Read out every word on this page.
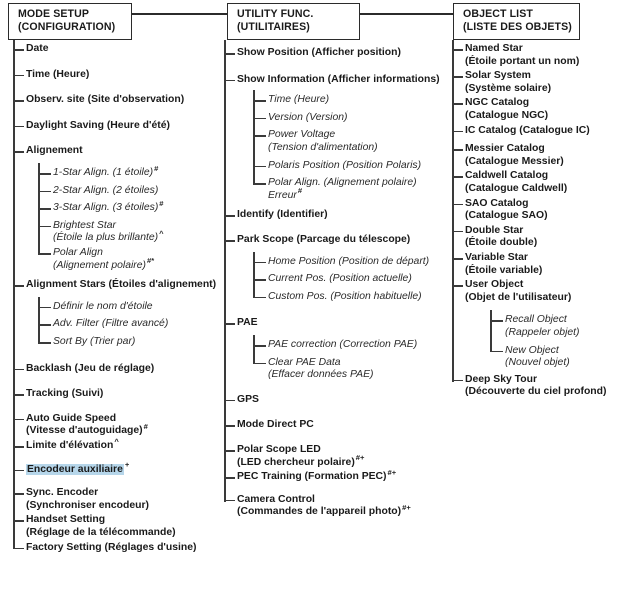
MODE SETUP
(CONFIGURATION)
UTILITY FUNC.
(UTILITAIRES)
OBJECT LIST
(LISTE DES OBJETS)
Date
Time (Heure)
Observ. site (Site d'observation)
Daylight Saving (Heure d'été)
Alignement
1-Star Align. (1 étoile)#
2-Star Align. (2 étoiles)
3-Star Align. (3 étoiles)#
Brightest Star
(Étoile la plus brillante)^
Polar Align
(Alignement polaire)#*
Alignment Stars (Étoiles d'alignement)
Définir le nom d'étoile
Adv. Filter (Filtre avancé)
Sort By (Trier par)
Backlash (Jeu de réglage)
Tracking (Suivi)
Auto Guide Speed
(Vitesse d'autoguidage)#
Limite d'élévation^
Encodeur auxiliaire +
Sync. Encoder
(Synchroniser encodeur)
Handset Setting
(Réglage de la télécommande)
Factory Setting (Réglages d'usine)
Show Position (Afficher position)
Show Information (Afficher informations)
Time (Heure)
Version (Version)
Power Voltage
(Tension d'alimentation)
Polaris Position (Position Polaris)
Polar Align. (Alignement polaire)
Erreur#
Identify (Identifier)
Park Scope (Parcage du télescope)
Home Position (Position de départ)
Current Pos. (Position actuelle)
Custom Pos. (Position habituelle)
PAE
PAE correction (Correction PAE)
Clear PAE Data
(Effacer données PAE)
GPS
Mode Direct PC
Polar Scope LED
(LED chercheur polaire)#+
PEC Training (Formation PEC)#+
Camera Control
(Commandes de l'appareil photo)#+
Named Star
(Étoile portant un nom)
Solar System
(Système solaire)
NGC Catalog
(Catalogue NGC)
IC Catalog (Catalogue IC)
Messier Catalog
(Catalogue Messier)
Caldwell Catalog
(Catalogue Caldwell)
SAO Catalog
(Catalogue SAO)
Double Star
(Étoile double)
Variable Star
(Étoile variable)
User Object
(Objet de l'utilisateur)
Recall Object
(Rappeler objet)
New Object
(Nouvel objet)
Deep Sky Tour
(Découverte du ciel profond)
